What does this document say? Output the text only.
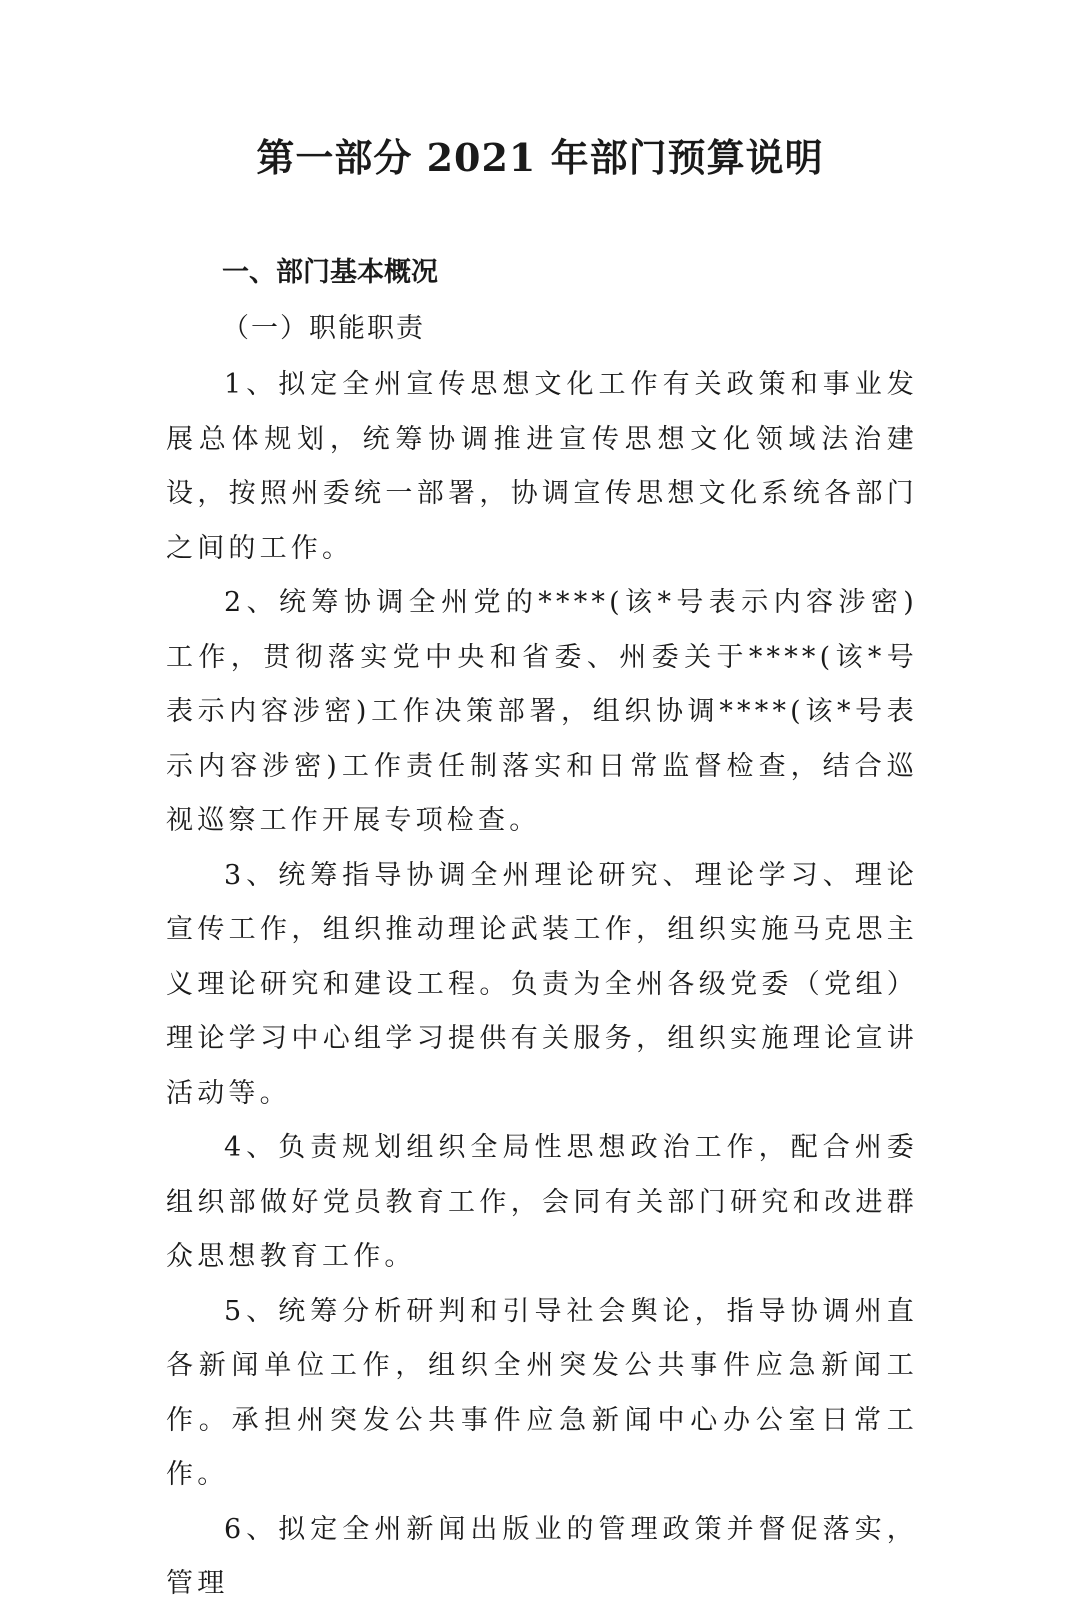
第一部分 2021 年部门预算说明
一、部门基本概况
（一）职能职责

1、拟定全州宣传思想文化工作有关政策和事业发展总体规划，统筹协调推进宣传思想文化领域法治建设，按照州委统一部署，协调宣传思想文化系统各部门之间的工作。

2、统筹协调全州党的****(该*号表示内容涉密)工作，贯彻落实党中央和省委、州委关于****(该*号表示内容涉密)工作决策部署，组织协调****(该*号表示内容涉密)工作责任制落实和日常监督检查，结合巡视巡察工作开展专项检查。

3、统筹指导协调全州理论研究、理论学习、理论宣传工作，组织推动理论武装工作，组织实施马克思主义理论研究和建设工程。负责为全州各级党委（党组）理论学习中心组学习提供有关服务，组织实施理论宣讲活动等。

4、负责规划组织全局性思想政治工作，配合州委组织部做好党员教育工作，会同有关部门研究和改进群众思想教育工作。

5、统筹分析研判和引导社会舆论，指导协调州直各新闻单位工作，组织全州突发公共事件应急新闻工作。承担州突发公共事件应急新闻中心办公室日常工作。

6、拟定全州新闻出版业的管理政策并督促落实，管理
